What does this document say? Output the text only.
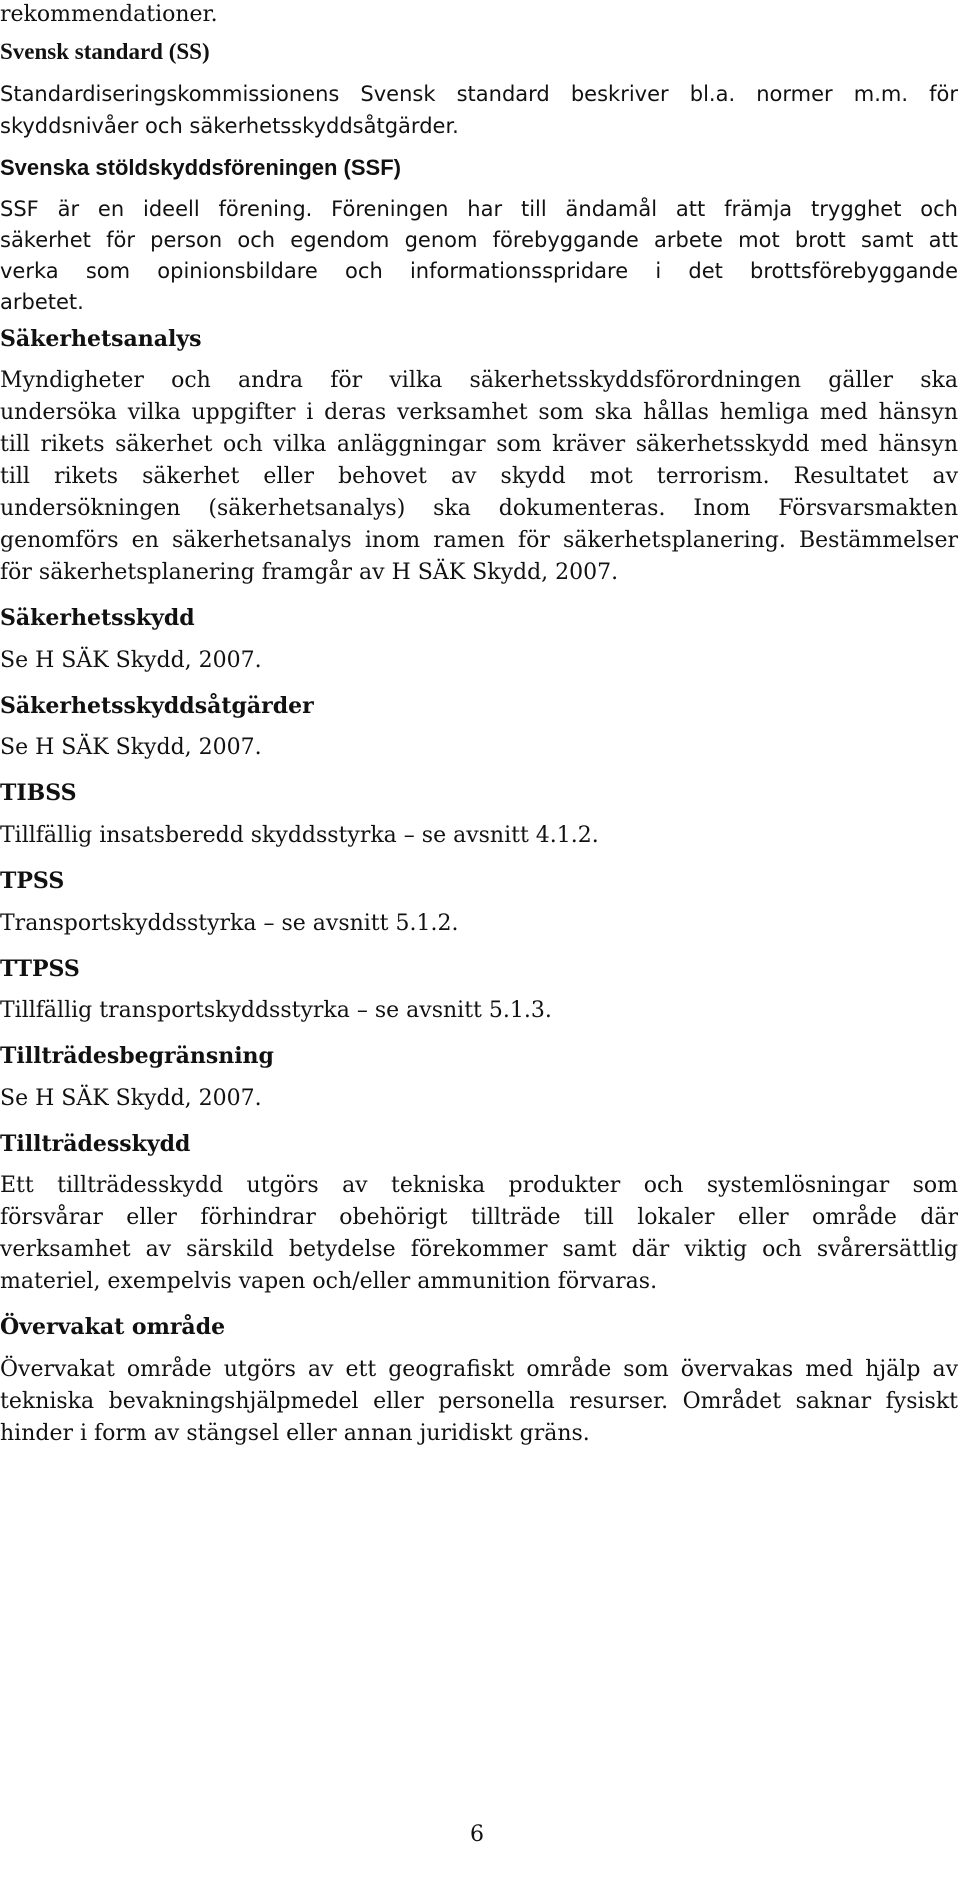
rekommendationer.
Svensk standard (SS)
Standardiseringskommissionens Svensk standard beskriver bl.a. normer m.m. för
skyddsnivåer och säkerhetsskyddsåtgärder.
Svenska stöldskyddsföreningen (SSF)
SSF är en ideell förening. Föreningen har till ändamål att främja trygghet och
säkerhet för person och egendom genom förebyggande arbete mot brott samt att
verka som opinionsbildare och informationsspridare i det brottsförebyggande
arbetet.
Säkerhetsanalys
Myndigheter och andra för vilka säkerhetsskyddsförordningen gäller ska
undersöka vilka uppgifter i deras verksamhet som ska hållas hemliga med hänsyn
till rikets säkerhet och vilka anläggningar som kräver säkerhetsskydd med hänsyn
till rikets säkerhet eller behovet av skydd mot terrorism. Resultatet av
undersökningen (säkerhetsanalys) ska dokumenteras. Inom Försvarsmakten
genomförs en säkerhetsanalys inom ramen för säkerhetsplanering. Bestämmelser
för säkerhetsplanering framgår av H SÄK Skydd, 2007.
Säkerhetsskydd
Se H SÄK Skydd, 2007.
Säkerhetsskyddsåtgärder
Se H SÄK Skydd, 2007.
TIBSS
Tillfällig insatsberedd skyddsstyrka – se avsnitt 4.1.2.
TPSS
Transportskyddsstyrka – se avsnitt 5.1.2.
TTPSS
Tillfällig transportskyddsstyrka – se avsnitt 5.1.3.
Tillträdesbegränsning
Se H SÄK Skydd, 2007.
Tillträdesskydd
Ett tillträdesskydd utgörs av tekniska produkter och systemlösningar som
försvårar eller förhindrar obehörigt tillträde till lokaler eller område där
verksamhet av särskild betydelse förekommer samt där viktig och svårersättlig
materiel, exempelvis vapen och/eller ammunition förvaras.
Övervakat område
Övervakat område utgörs av ett geografiskt område som övervakas med hjälp av
tekniska bevakningshjälpmedel eller personella resurser. Området saknar fysiskt
hinder i form av stängsel eller annan juridiskt gräns.
6
